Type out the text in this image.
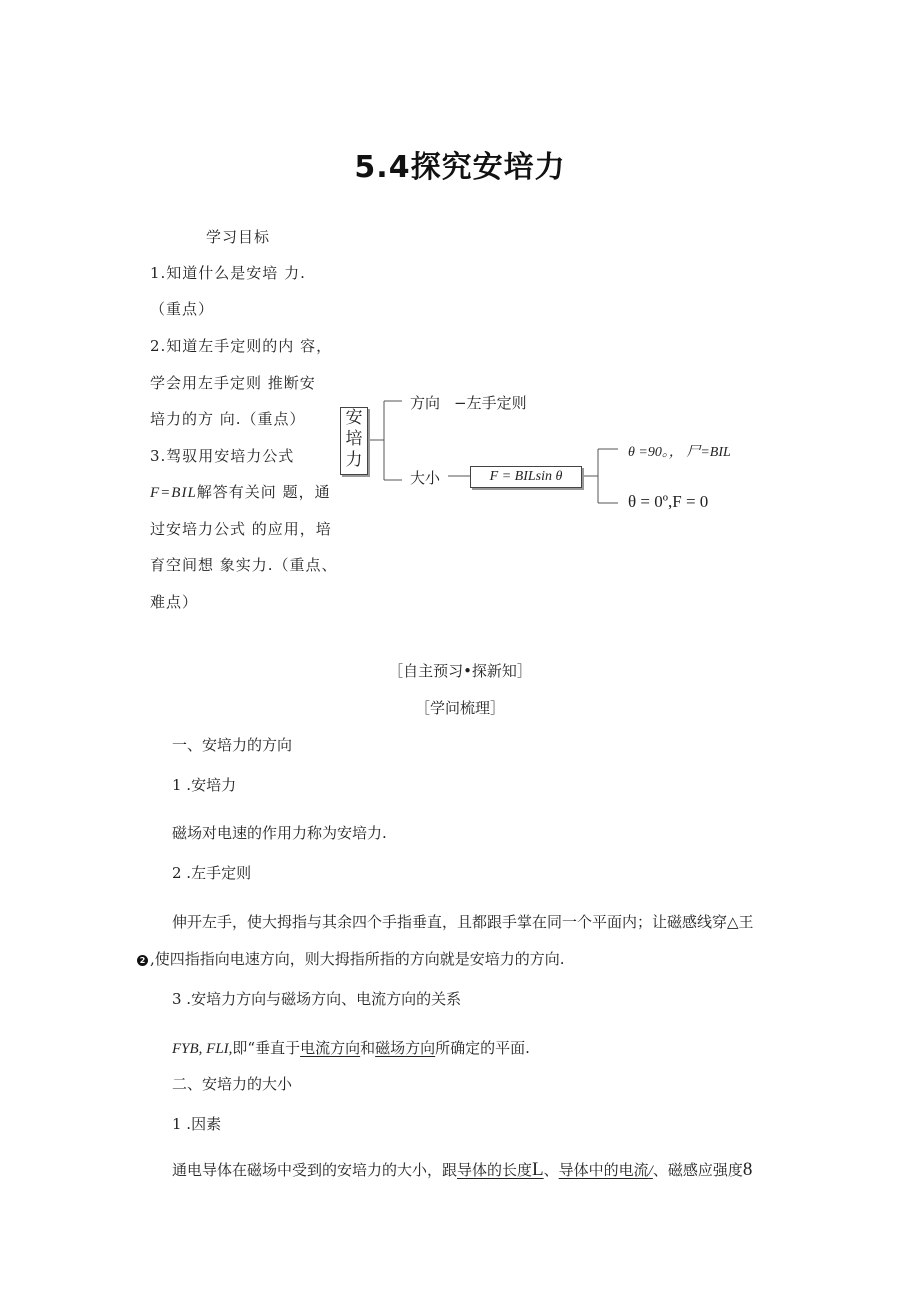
5.4探究安培力
学习目标
1.知道什么是安培 力.
（重点）
2.知道左手定则的内 容，
学会用左手定则 推断安
培力的方 向.（重点）
3.驾驭用安培力公式
F=BIL解答有关问 题，通
过安培力公式 的应用，培
育空间想 象实力.（重点、
难点）
安
培
力
方向 −左手定则
大小	F = BILsin θ
θ =90。， 尸=BIL
θ = 0º,F = 0
［自主预习•探新知］
［学问梳理］
一、安培力的方向
1 .安培力
磁场对电速的作用力称为安培力.
2 .左手定则
伸开左手，使大拇指与其余四个手指垂直，且都跟手掌在同一个平面内；让磁感线穿△王
2 ,使四指指向电速方向，则大拇指所指的方向就是安培力的方向.
3 .安培力方向与磁场方向、电流方向的关系
FYB, FLI,即“垂直于电流方向和磁场方向所确定的平面.
二、安培力的大小
1 .因素
通电导体在磁场中受到的安培力的大小，跟导体的长度L、导体中的电流/、磁感应强度8
